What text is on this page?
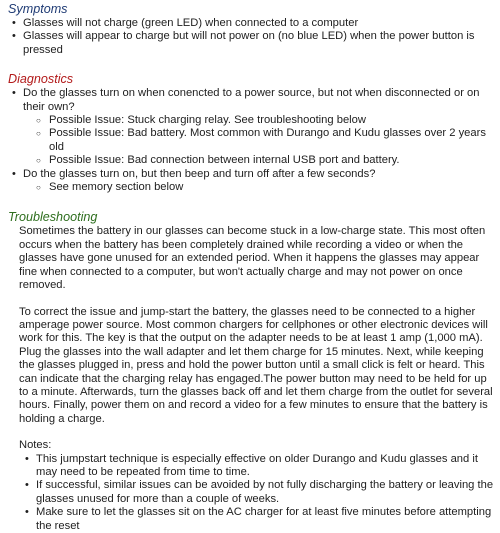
Symptoms
• Glasses will not charge (green LED) when connected to a computer
• Glasses will appear to charge but will not power on (no blue LED) when the power button is pressed
Diagnostics
• Do the glasses turn on when conencted to a power source, but not when disconnected or on their own?
○ Possible Issue: Stuck charging relay. See troubleshooting below
○ Possible Issue: Bad battery. Most common with Durango and Kudu glasses over 2 years old
○ Possible Issue: Bad connection between internal USB port and battery.
• Do the glasses turn on, but then beep and turn off after a few seconds?
○ See memory section below
Troubleshooting

Sometimes the battery in our glasses can become stuck in a low-charge state. This most often occurs when the battery has been completely drained while recording a video or when the glasses have gone unused for an extended period. When it happens the glasses may appear fine when connected to a computer, but won't actually charge and may not power on once removed.

To correct the issue and jump-start the battery, the glasses need to be connected to a higher amperage power source. Most common chargers for cellphones or other electronic devices will work for this. The key is that the output on the adapter needs to be at least 1 amp (1,000 mA). Plug the glasses into the wall adapter and let them charge for 15 minutes. Next, while keeping the glasses plugged in, press and hold the power button until a small click is felt or heard. This can indicate that the charging relay has engaged.The power button may need to be held for up to a minute. Afterwards, turn the glasses back off and let them charge from the outlet for several hours. Finally, power them on and record a video for a few minutes to ensure that the battery is holding a charge.

Notes:
• This jumpstart technique is especially effective on older Durango and Kudu glasses and it may need to be repeated from time to time.
• If successful, similar issues can be avoided by not fully discharging the battery or leaving the glasses unused for more than a couple of weeks.
• Make sure to let the glasses sit on the AC charger for at least five minutes before attempting the reset
